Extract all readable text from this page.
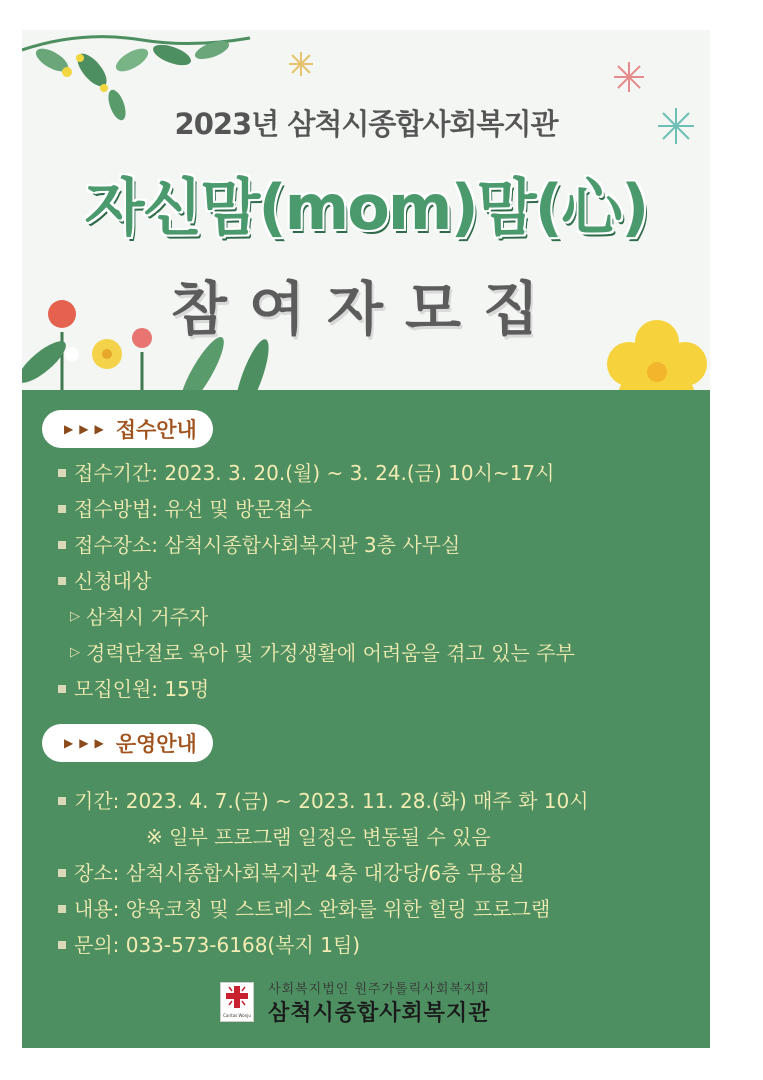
2023년 삼척시종합사회복지관
자신맘(mom)맘(心)
참여자모집
▶▶▶ 접수안내
접수기간: 2023. 3. 20.(월) ~ 3. 24.(금) 10시~17시
접수방법: 유선 및 방문접수
접수장소: 삼척시종합사회복지관 3층 사무실
신청대상
▷ 삼척시 거주자
▷ 경력단절로 육아 및 가정생활에 어려움을 겪고 있는 주부
모집인원: 15명
▶▶▶ 운영안내
기간: 2023. 4. 7.(금) ~ 2023. 11. 28.(화) 매주 화 10시
※ 일부 프로그램 일정은 변동될 수 있음
장소: 삼척시종합사회복지관 4층 대강당/6층 무용실
내용: 양육코칭 및 스트레스 완화를 위한 힐링 프로그램
문의: 033-573-6168(복지 1팀)
Caritas Wonju
사회복지법인 원주가톨릭사회복지회
삼척시종합사회복지관
